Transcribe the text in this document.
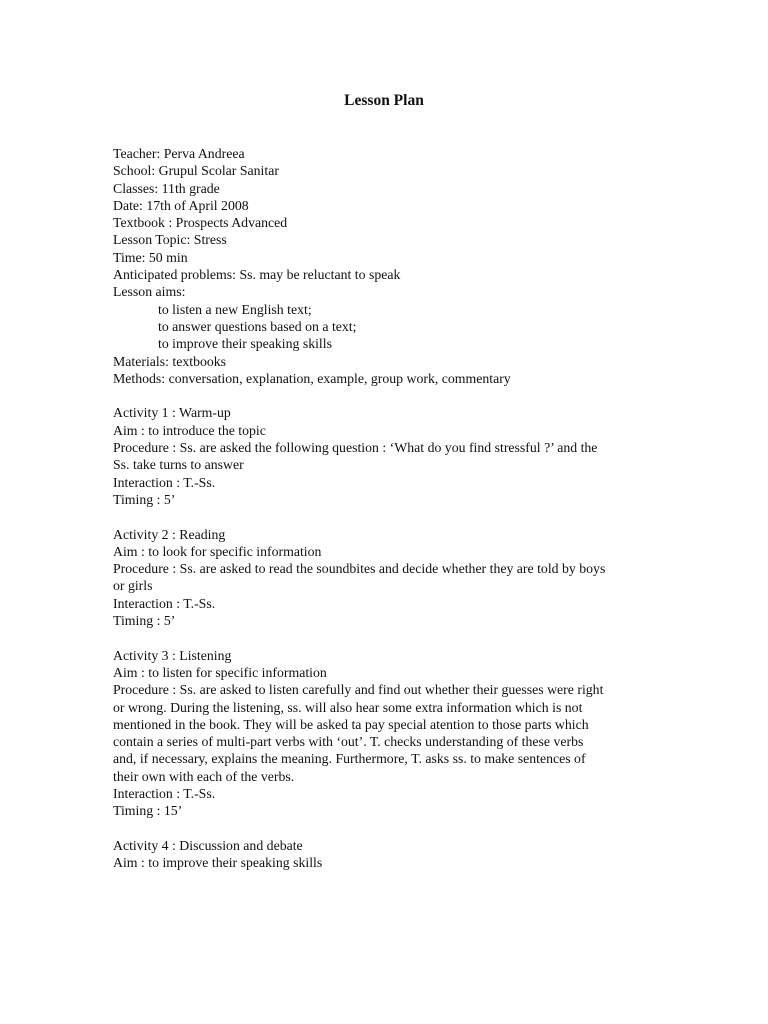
Lesson Plan
Teacher: Perva Andreea
School: Grupul Scolar Sanitar
Classes: 11th grade
Date: 17th of April 2008
Textbook : Prospects Advanced
Lesson Topic: Stress
Time: 50 min
Anticipated problems: Ss. may be reluctant to speak
Lesson aims:
to listen a new English text;
to answer questions based on a text;
to improve their speaking skills
Materials: textbooks
Methods: conversation, explanation, example, group work, commentary
Activity 1 : Warm-up
Aim : to introduce the topic
Procedure : Ss. are asked the following question : ‘What do you find stressful ?’ and the
Ss. take turns to answer
Interaction : T.-Ss.
Timing : 5’
Activity 2 : Reading
Aim : to look for specific information
Procedure : Ss. are asked to read the soundbites and decide whether they are told by boys
or girls
Interaction : T.-Ss.
Timing : 5’
Activity 3 : Listening
Aim : to listen for specific information
Procedure : Ss. are asked to listen carefully and find out whether their guesses were right
or wrong. During the listening, ss. will also hear some extra information which is not
mentioned in the book. They will be asked ta pay special atention to those parts which
contain a series of multi-part verbs with ‘out’. T. checks understanding of these verbs
and, if necessary, explains the meaning. Furthermore, T. asks ss. to make sentences of
their own with each of the verbs.
Interaction : T.-Ss.
Timing : 15’
Activity 4 : Discussion and debate
Aim : to improve their speaking skills
